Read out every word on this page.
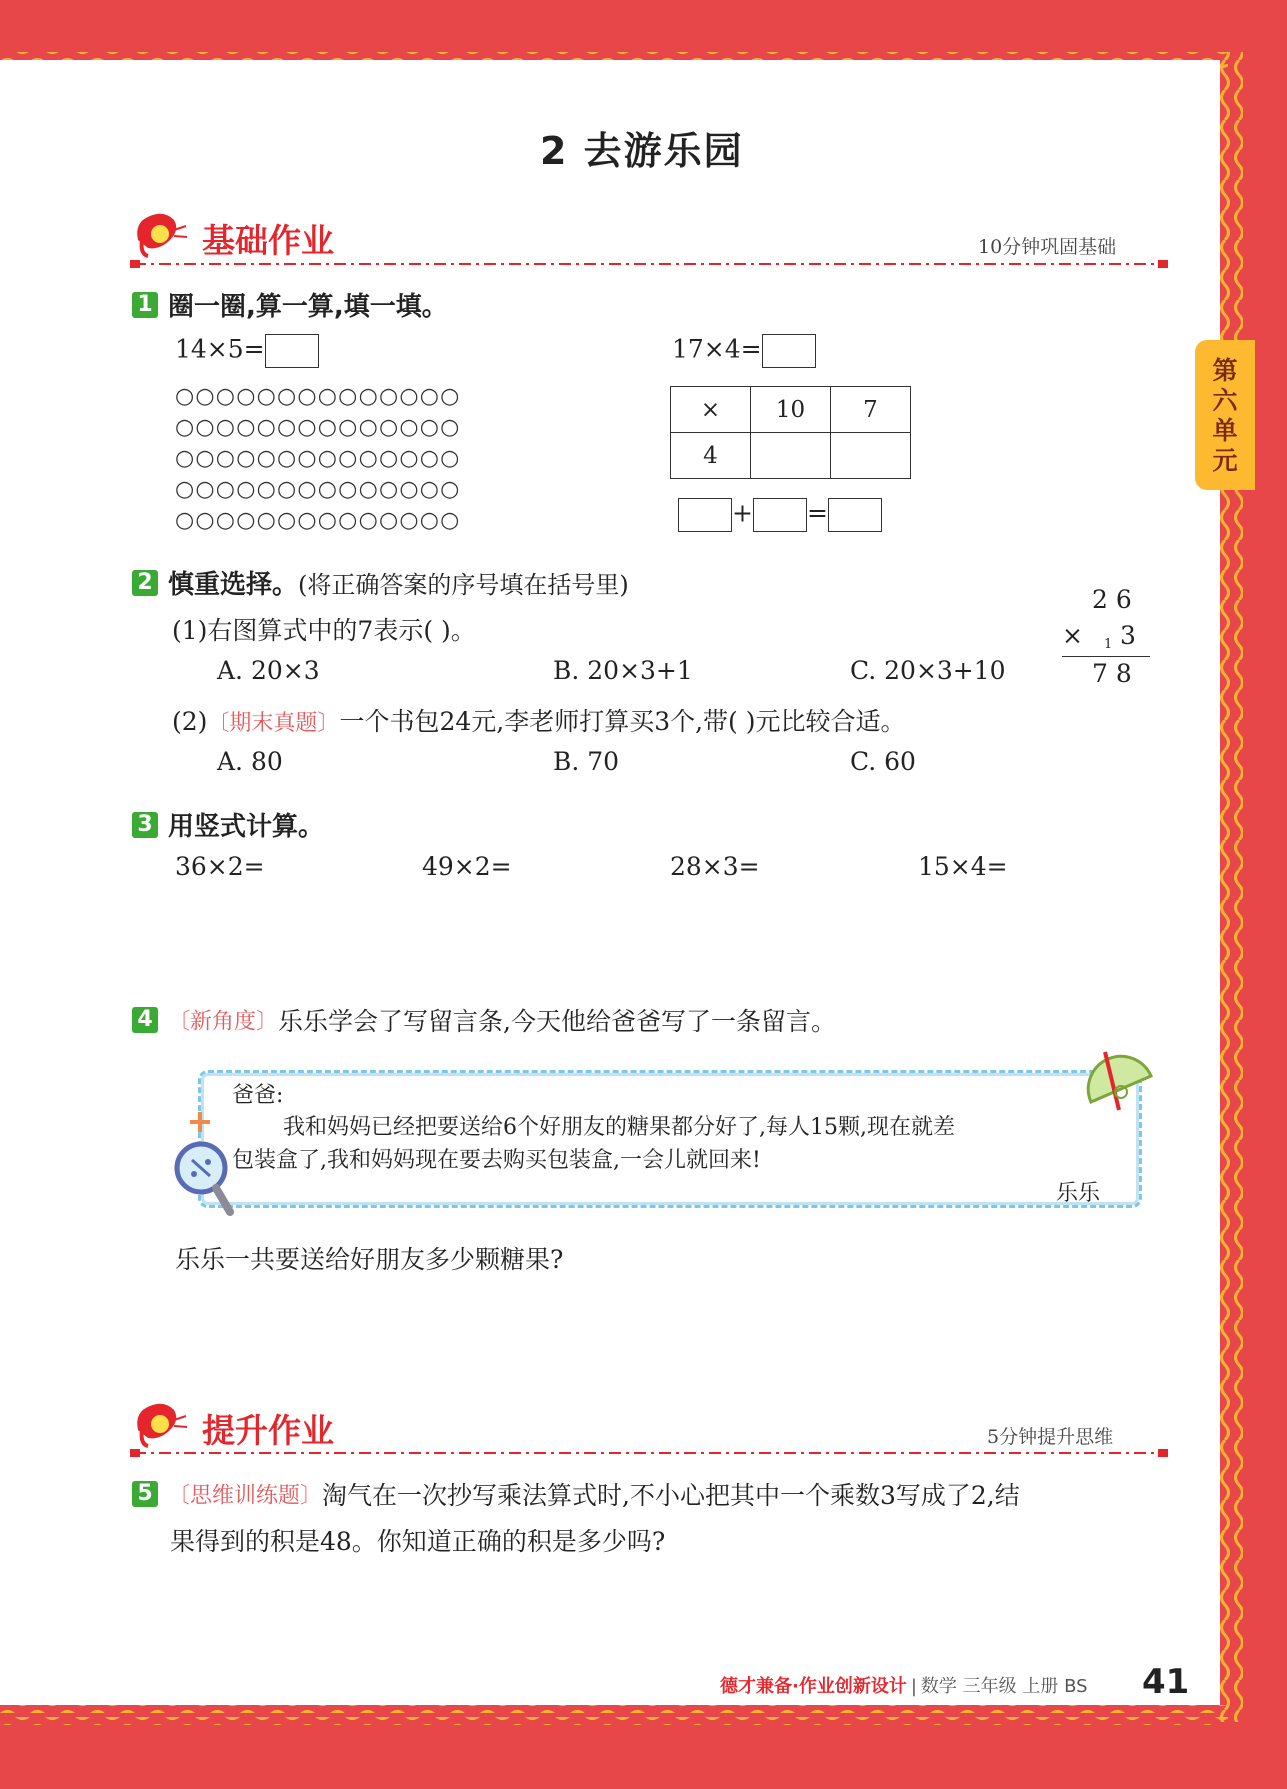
第六单元
2 去游乐园
基础作业	10分钟巩固基础
1 圈一圈,算一算,填一填。
14×5=
○○○○○○○○○○○○○○
○○○○○○○○○○○○○○
○○○○○○○○○○○○○○
○○○○○○○○○○○○○○
○○○○○○○○○○○○○○
17×4=
×	10	7
4		
+ =
2 慎重选择。(将正确答案的序号填在括号里)
(1)右图算式中的7表示( )。
A. 20×3	B. 20×3+1	C. 20×3+10
(2)〔期末真题〕一个书包24元,李老师打算买3个,带( )元比较合适。
A. 80	B. 70	C. 60
2 6
× 1 3
7 8
3 用竖式计算。
36×2=	49×2=	28×3=	15×4=
4 〔新角度〕乐乐学会了写留言条,今天他给爸爸写了一条留言。
爸爸:
我和妈妈已经把要送给6个好朋友的糖果都分好了,每人15颗,现在就差
包装盒了,我和妈妈现在要去购买包装盒,一会儿就回来!
乐乐
乐乐一共要送给好朋友多少颗糖果?
提升作业	5分钟提升思维
5 〔思维训练题〕淘气在一次抄写乘法算式时,不小心把其中一个乘数3写成了2,结
果得到的积是48。你知道正确的积是多少吗?
德才兼备·作业创新设计 | 数学 三年级 上册 BS 41
